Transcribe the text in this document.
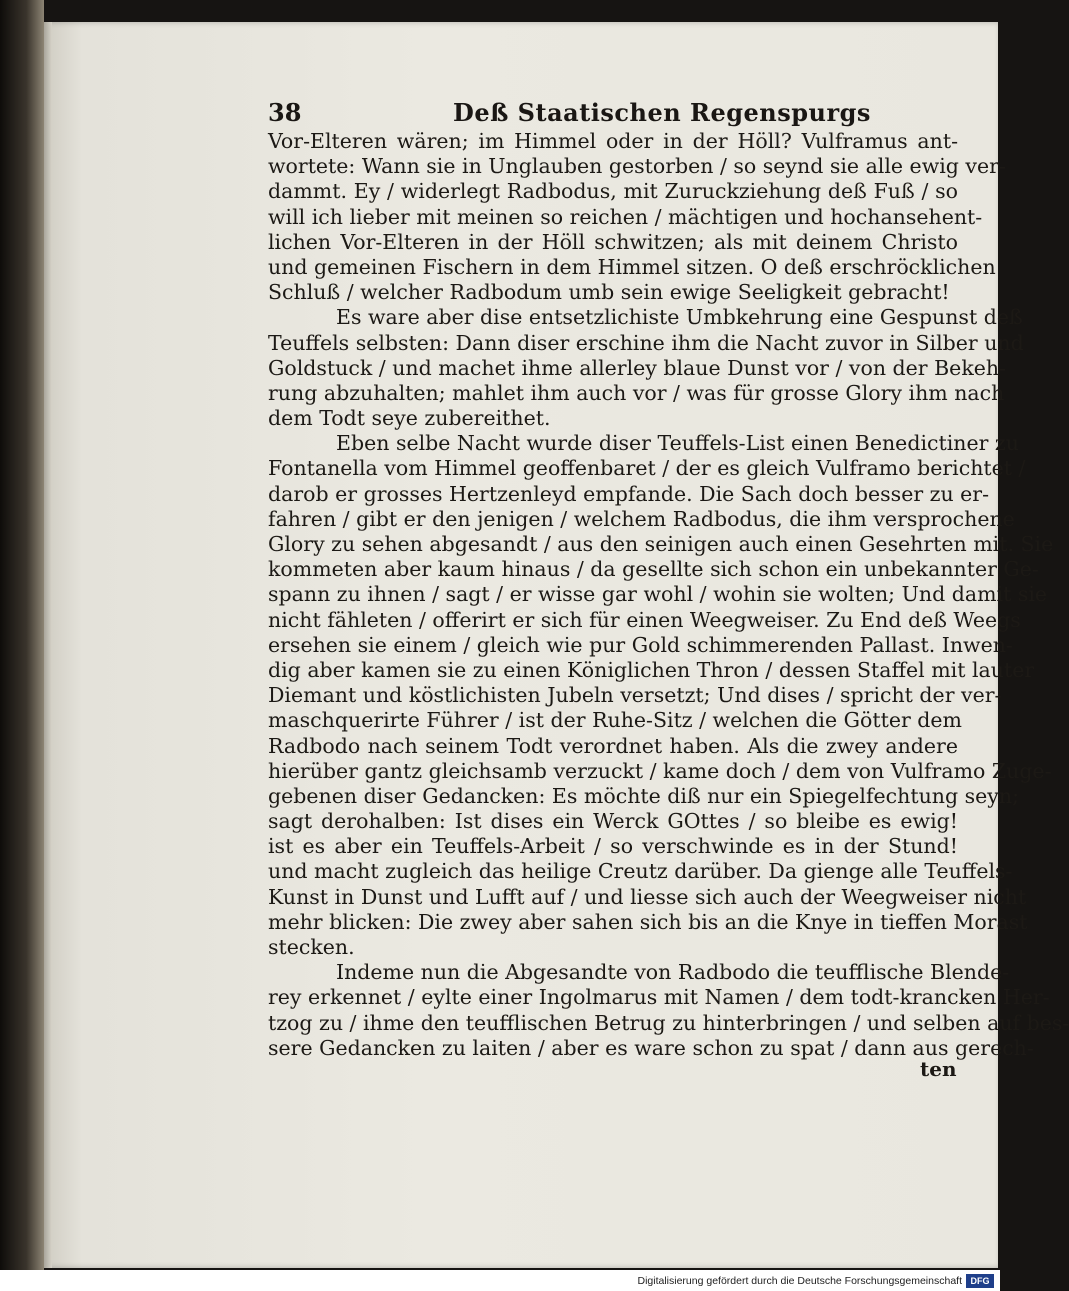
38	Deß Staatischen Regenspurgs
Vor-Elteren wären; im Himmel oder in der Höll? Vulframus ant-
wortete: Wann sie in Unglauben gestorben / so seynd sie alle ewig ver-
dammt. Ey / widerlegt Radbodus, mit Zuruckziehung deß Fuß / so
will ich lieber mit meinen so reichen / mächtigen und hochansehent-
lichen Vor-Elteren in der Höll schwitzen; als mit deinem Christo
und gemeinen Fischern in dem Himmel sitzen. O deß erschröcklichen
Schluß / welcher Radbodum umb sein ewige Seeligkeit gebracht!
Es ware aber dise entsetzlichiste Umbkehrung eine Gespunst deß
Teuffels selbsten: Dann diser erschine ihm die Nacht zuvor in Silber und
Goldstuck / und machet ihme allerley blaue Dunst vor / von der Bekeh-
rung abzuhalten; mahlet ihm auch vor / was für grosse Glory ihm nach
dem Todt seye zubereithet.
Eben selbe Nacht wurde diser Teuffels-List einen Benedictiner zu
Fontanella vom Himmel geoffenbaret / der es gleich Vulframo berichtet /
darob er grosses Hertzenleyd empfande. Die Sach doch besser zu er-
fahren / gibt er den jenigen / welchem Radbodus, die ihm versprochene
Glory zu sehen abgesandt / aus den seinigen auch einen Gesehrten mit. Sie
kommeten aber kaum hinaus / da gesellte sich schon ein unbekannter Ge-
spann zu ihnen / sagt / er wisse gar wohl / wohin sie wolten; Und damit sie
nicht fähleten / offerirt er sich für einen Weegweiser. Zu End deß Weegs
ersehen sie einem / gleich wie pur Gold schimmerenden Pallast. Inwen-
dig aber kamen sie zu einen Königlichen Thron / dessen Staffel mit lauter
Diemant und köstlichisten Jubeln versetzt; Und dises / spricht der ver-
maschquerirte Führer / ist der Ruhe-Sitz / welchen die Götter dem
Radbodo nach seinem Todt verordnet haben. Als die zwey andere
hierüber gantz gleichsamb verzuckt / kame doch / dem von Vulframo Zuge-
gebenen diser Gedancken: Es möchte diß nur ein Spiegelfechtung seyn;
sagt derohalben: Ist dises ein Werck GOttes / so bleibe es ewig!
ist es aber ein Teuffels-Arbeit / so verschwinde es in der Stund!
und macht zugleich das heilige Creutz darüber. Da gienge alle Teuffels-
Kunst in Dunst und Lufft auf / und liesse sich auch der Weegweiser nicht
mehr blicken: Die zwey aber sahen sich bis an die Knye in tieffen Morast
stecken.
Indeme nun die Abgesandte von Radbodo die teufflische Blende-
rey erkennet / eylte einer Ingolmarus mit Namen / dem todt-krancken Her-
tzog zu / ihme den teufflischen Betrug zu hinterbringen / und selben auf bes-
sere Gedancken zu laiten / aber es ware schon zu spat / dann aus gerech-
ten
Digitalisierung gefördert durch die Deutsche Forschungsgemeinschaft DFG
